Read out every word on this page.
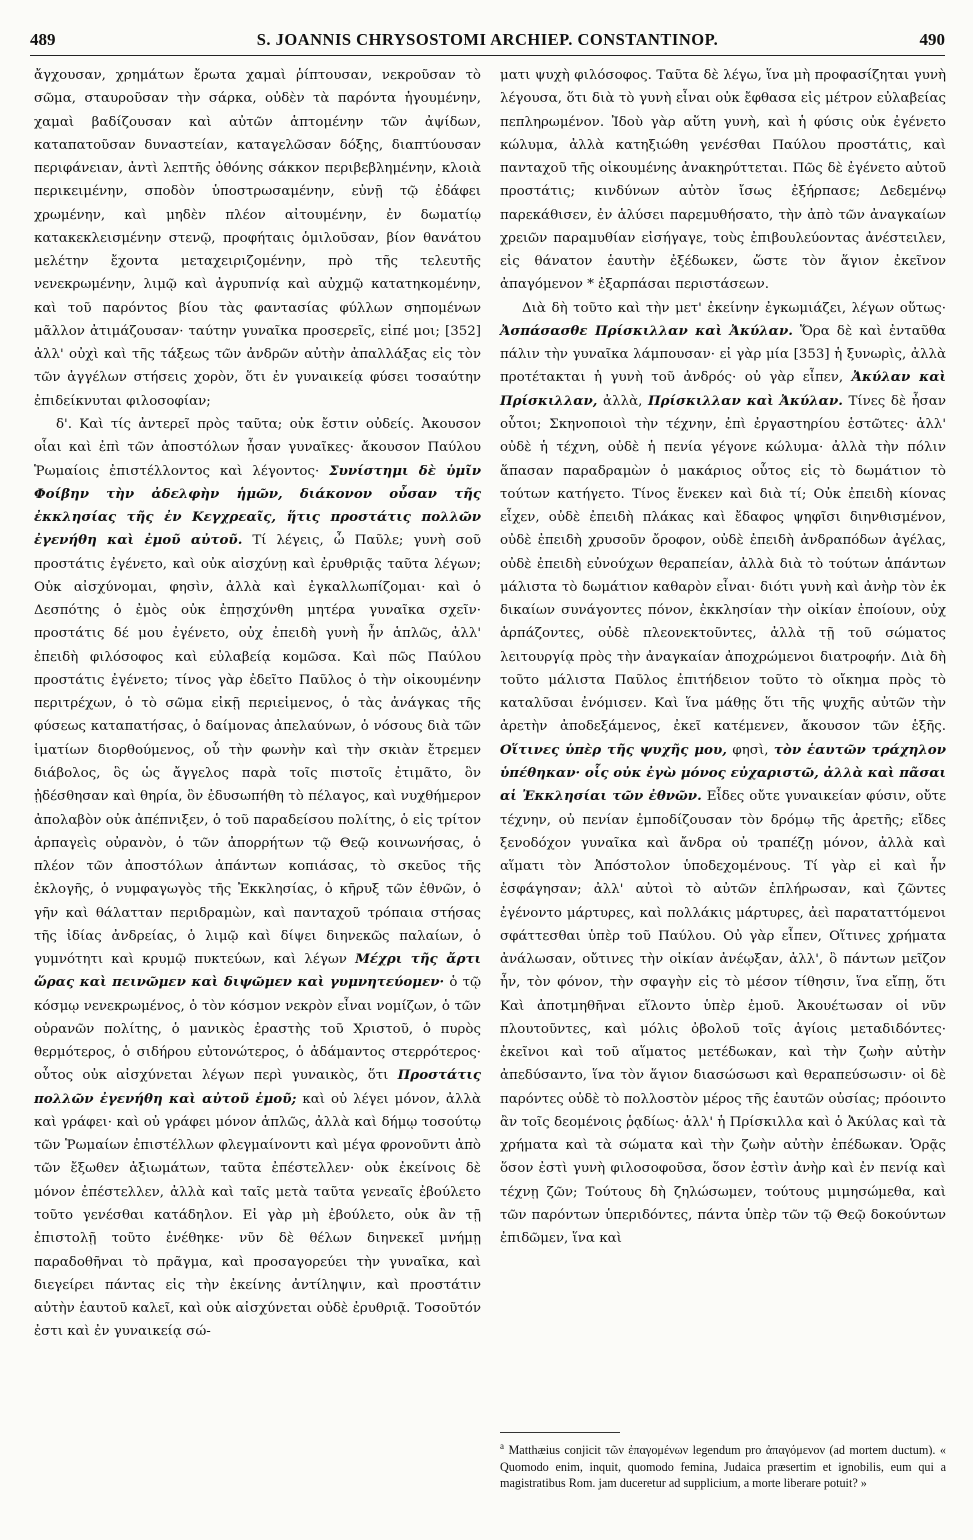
489	S. JOANNIS CHRYSOSTOMI ARCHIEP. CONSTANTINOP.	490

ἄγχουσαν, χρημάτων ἔρωτα χαμαὶ ῥίπτουσαν, νεκροῦσαν τὸ σῶμα, σταυροῦσαν τὴν σάρκα, οὐδὲν τὰ παρόντα ἡγουμένην, χαμαὶ βαδίζουσαν καὶ αὐτῶν ἁπτομένην τῶν ἀψίδων, καταπατοῦσαν δυναστείαν, καταγελῶσαν δόξης, διαπτύουσαν περιφάνειαν, ἀντὶ λεπτῆς ὀθόνης σάκκον περιβεβλημένην, κλοιὰ περικειμένην, σποδὸν ὑποστρωσαμένην, εὐνῇ τῷ ἐδάφει χρωμένην, καὶ μηδὲν πλέον αἰτουμένην, ἐν δωματίῳ κατακεκλεισμένην στενῷ, προφήταις ὁμιλοῦσαν, βίον θανάτου μελέτην ἔχοντα μεταχειριζομένην, πρὸ τῆς τελευτῆς νενεκρωμένην, λιμῷ καὶ ἀγρυπνίᾳ καὶ αὐχμῷ κατατηκομένην, καὶ τοῦ παρόντος βίου τὰς φαντασίας φύλλων σηπομένων μᾶλλον ἀτιμάζουσαν· ταύτην γυναῖκα προσερεῖς, εἰπέ μοι; [352] ἀλλ' οὐχὶ καὶ τῆς τάξεως τῶν ἀνδρῶν αὐτὴν ἀπαλλάξας εἰς τὸν τῶν ἀγγέλων στήσεις χορὸν, ὅτι ἐν γυναικείᾳ φύσει τοσαύτην ἐπιδείκνυται φιλοσοφίαν;

δ'. Καὶ τίς ἀντερεῖ πρὸς ταῦτα; οὐκ ἔστιν οὐδείς. Ἀκουσον οἷαι καὶ ἐπὶ τῶν ἀποστόλων ἦσαν γυναῖκες· ἄκουσον Παύλου Ῥωμαίοις ἐπιστέλλοντος καὶ λέγοντος· Συνίστημι δὲ ὑμῖν Φοίβην τὴν ἀδελφὴν ἡμῶν, διάκονον οὖσαν τῆς ἐκκλησίας τῆς ἐν Κεγχρεαῖς, ἥτις προστάτις πολλῶν ἐγενήθη καὶ ἐμοῦ αὐτοῦ. Τί λέγεις, ὦ Παῦλε; γυνὴ σοῦ προστάτις ἐγένετο, καὶ οὐκ αἰσχύνῃ καὶ ἐρυθριᾷς ταῦτα λέγων; Οὐκ αἰσχύνομαι, φησὶν, ἀλλὰ καὶ ἐγκαλλωπίζομαι· καὶ ὁ Δεσπότης ὁ ἐμὸς οὐκ ἐπῃσχύνθη μητέρα γυναῖκα σχεῖν· προστάτις δέ μου ἐγένετο, οὐχ ἐπειδὴ γυνὴ ἦν ἁπλῶς, ἀλλ' ἐπειδὴ φιλόσοφος καὶ εὐλαβείᾳ κομῶσα. Καὶ πῶς Παύλου προστάτις ἐγένετο; τίνος γὰρ ἐδεῖτο Παῦλος ὁ τὴν οἰκουμένην περιτρέχων, ὁ τὸ σῶμα εἰκῇ περιεἱμενος, ὁ τὰς ἀνάγκας τῆς φύσεως καταπατήσας, ὁ δαίμονας ἀπελαύνων, ὁ νόσους διὰ τῶν ἱματίων διορθούμενος, οὗ τὴν φωνὴν καὶ τὴν σκιὰν ἔτρεμεν διάβολος, ὃς ὡς ἄγγελος παρὰ τοῖς πιστοῖς ἐτιμᾶτο, ὃν ᾐδέσθησαν καὶ θηρία, ὃν ἐδυσωπήθη τὸ πέλαγος, καὶ νυχθήμερον ἀπολαβὸν οὐκ ἀπέπνιξεν, ὁ τοῦ παραδείσου πολίτης, ὁ εἰς τρίτον ἁρπαγεὶς οὐρανὸν, ὁ τῶν ἀπορρήτων τῷ Θεῷ κοινωνήσας, ὁ πλέον τῶν ἀποστόλων ἁπάντων κοπιάσας, τὸ σκεῦος τῆς ἐκλογῆς, ὁ νυμφαγωγὸς τῆς Ἐκκλησίας, ὁ κῆρυξ τῶν ἐθνῶν, ὁ γῆν καὶ θάλατταν περιδραμὼν, καὶ πανταχοῦ τρόπαια στήσας τῆς ἰδίας ἀνδρείας, ὁ λιμῷ καὶ δίψει διηνεκῶς παλαίων, ὁ γυμνότητι καὶ κρυμῷ πυκτεύων, καὶ λέγων Μέχρι τῆς ἄρτι ὥρας καὶ πεινῶμεν καὶ διψῶμεν καὶ γυμνητεύομεν· ὁ τῷ κόσμῳ νενεκρωμένος, ὁ τὸν κόσμον νεκρὸν εἶναι νομίζων, ὁ τῶν οὐρανῶν πολίτης, ὁ μανικὸς ἐραστὴς τοῦ Χριστοῦ, ὁ πυρὸς θερμότερος, ὁ σιδήρου εὐτονώτερος, ὁ ἀδάμαντος στερρότερος· οὗτος οὐκ αἰσχύνεται λέγων περὶ γυναικὸς, ὅτι Προστάτις πολλῶν ἐγενήθη καὶ αὐτοῦ ἐμοῦ; καὶ οὐ λέγει μόνον, ἀλλὰ καὶ γράφει· καὶ οὐ γράφει μόνον ἁπλῶς, ἀλλὰ καὶ δήμῳ τοσούτῳ τῶν Ῥωμαίων ἐπιστέλλων φλεγμαίνοντι καὶ μέγα φρονοῦντι ἀπὸ τῶν ἔξωθεν ἀξιωμάτων, ταῦτα ἐπέστελλεν· οὐκ ἐκείνοις δὲ μόνον ἐπέστελλεν, ἀλλὰ καὶ ταῖς μετὰ ταῦτα γενεαῖς ἐβούλετο τοῦτο γενέσθαι κατάδηλον. Εἰ γὰρ μὴ ἐβούλετο, οὐκ ἂν τῇ ἐπιστολῇ τοῦτο ἐνέθηκε· νῦν δὲ θέλων διηνεκεῖ μνήμῃ παραδοθῆναι τὸ πρᾶγμα, καὶ προσαγορεύει τὴν γυναῖκα, καὶ διεγείρει πάντας εἰς τὴν ἐκείνης ἀντίληψιν, καὶ προστάτιν αὐτὴν ἑαυτοῦ καλεῖ, καὶ οὐκ αἰσχύνεται οὐδὲ ἐρυθριᾷ. Τοσοῦτόν ἐστι καὶ ἐν γυναικείᾳ σώ-

ματι ψυχὴ φιλόσοφος. Ταῦτα δὲ λέγω, ἵνα μὴ προφασίζηται γυνὴ λέγουσα, ὅτι διὰ τὸ γυνὴ εἶναι οὐκ ἔφθασα εἰς μέτρον εὐλαβείας πεπληρωμένον. Ἰδοὺ γὰρ αὕτη γυνὴ, καὶ ἡ φύσις οὐκ ἐγένετο κώλυμα, ἀλλὰ κατηξιώθη γενέσθαι Παύλου προστάτις, καὶ πανταχοῦ τῆς οἰκουμένης ἀνακηρύττεται. Πῶς δὲ ἐγένετο αὐτοῦ προστάτις; κινδύνων αὐτὸν ἴσως ἐξήρπασε; Δεδεμένῳ παρεκάθισεν, ἐν ἁλύσει παρεμυθήσατο, τὴν ἀπὸ τῶν ἀναγκαίων χρειῶν παραμυθίαν εἰσήγαγε, τοὺς ἐπιβουλεύοντας ἀνέστειλεν, εἰς θάνατον ἑαυτὴν ἐξέδωκεν, ὥστε τὸν ἅγιον ἐκεῖνον ἀπαγόμενον * ἐξαρπάσαι περιστάσεων.

Διὰ δὴ τοῦτο καὶ τὴν μετ' ἐκείνην ἐγκωμιάζει, λέγων οὕτως· Ἀσπάσασθε Πρίσκιλλαν καὶ Ἀκύλαν. Ὅρα δὲ καὶ ἐνταῦθα πάλιν τὴν γυναῖκα λάμπουσαν· εἰ γὰρ μία [353] ἡ ξυνωρὶς, ἀλλὰ προτέτακται ἡ γυνὴ τοῦ ἀνδρός· οὐ γὰρ εἶπεν, Ἀκύλαν καὶ Πρίσκιλλαν, ἀλλὰ, Πρίσκιλλαν καὶ Ἀκύλαν. Τίνες δὲ ἦσαν οὗτοι; Σκηνοποιοὶ τὴν τέχνην, ἐπὶ ἐργαστηρίου ἑστῶτες· ἀλλ' οὐδὲ ἡ τέχνη, οὐδὲ ἡ πενία γέγονε κώλυμα· ἀλλὰ τὴν πόλιν ἅπασαν παραδραμὼν ὁ μακάριος οὗτος εἰς τὸ δωμάτιον τὸ τούτων κατήγετο. Τίνος ἕνεκεν καὶ διὰ τί; Οὐκ ἐπειδὴ κίονας εἶχεν, οὐδὲ ἐπειδὴ πλάκας καὶ ἔδαφος ψηφῖσι διηνθισμένον, οὐδὲ ἐπειδὴ χρυσοῦν ὄροφον, οὐδὲ ἐπειδὴ ἀνδραπόδων ἀγέλας, οὐδὲ ἐπειδὴ εὐνούχων θεραπείαν, ἀλλὰ διὰ τὸ τούτων ἁπάντων μάλιστα τὸ δωμάτιον καθαρὸν εἶναι· διότι γυνὴ καὶ ἀνὴρ τὸν ἐκ δικαίων συνάγοντες πόνον, ἐκκλησίαν τὴν οἰκίαν ἐποίουν, οὐχ ἁρπάζοντες, οὐδὲ πλεονεκτοῦντες, ἀλλὰ τῇ τοῦ σώματος λειτουργίᾳ πρὸς τὴν ἀναγκαίαν ἀποχρώμενοι διατροφήν. Διὰ δὴ τοῦτο μάλιστα Παῦλος ἐπιτήδειον τοῦτο τὸ οἴκημα πρὸς τὸ καταλῦσαι ἐνόμισεν. Καὶ ἵνα μάθῃς ὅτι τῆς ψυχῆς αὐτῶν τὴν ἀρετὴν ἀποδεξάμενος, ἐκεῖ κατέμενεν, ἄκουσον τῶν ἑξῆς. Οἵτινες ὑπὲρ τῆς ψυχῆς μου, φησὶ, τὸν ἑαυτῶν τράχηλον ὑπέθηκαν· οἷς οὐκ ἐγὼ μόνος εὐχαριστῶ, ἀλλὰ καὶ πᾶσαι αἱ Ἐκκλησίαι τῶν ἐθνῶν. Εἶδες οὔτε γυναικείαν φύσιν, οὔτε τέχνην, οὐ πενίαν ἐμποδίζουσαν τὸν δρόμῳ τῆς ἀρετῆς; εἴδες ξενοδόχον γυναῖκα καὶ ἄνδρα οὐ τραπέζῃ μόνον, ἀλλὰ καὶ αἵματι τὸν Ἀπόστολον ὑποδεχομένους. Τί γὰρ εἰ καὶ ἦν ἐσφάγησαν; ἀλλ' αὐτοὶ τὸ αὐτῶν ἐπλήρωσαν, καὶ ζῶντες ἐγένοντο μάρτυρες, καὶ πολλάκις μάρτυρες, ἀεὶ παραταττόμενοι σφάττεσθαι ὑπὲρ τοῦ Παύλου. Οὐ γὰρ εἶπεν, Οἵτινες χρήματα ἀνάλωσαν, οὔτινες τὴν οἰκίαν ἀνέῳξαν, ἀλλ', ὃ πάντων μεῖζον ἦν, τὸν φόνον, τὴν σφαγὴν εἰς τὸ μέσον τίθησιν, ἵνα εἴπῃ, ὅτι Καὶ ἀποτμηθῆναι εἵλοντο ὑπὲρ ἐμοῦ. Ἀκουέτωσαν οἱ νῦν πλουτοῦντες, καὶ μόλις ὀβολοῦ τοῖς ἁγίοις μεταδιδόντες· ἐκεῖνοι καὶ τοῦ αἵματος μετέδωκαν, καὶ τὴν ζωὴν αὐτὴν ἀπεδύσαντο, ἵνα τὸν ἅγιον διασώσωσι καὶ θεραπεύσωσιν· οἱ δὲ παρόντες οὐδὲ τὸ πολλοστὸν μέρος τῆς ἑαυτῶν οὐσίας; πρόοιντο ἂν τοῖς δεομένοις ῥᾳδίως· ἀλλ' ἡ Πρίσκιλλα καὶ ὁ Ἀκύλας καὶ τὰ χρήματα καὶ τὰ σώματα καὶ τὴν ζωὴν αὐτὴν ἐπέδωκαν. Ὁρᾷς ὅσον ἐστὶ γυνὴ φιλοσοφοῦσα, ὅσον ἐστὶν ἀνὴρ καὶ ἐν πενίᾳ καὶ τέχνῃ ζῶν; Τούτους δὴ ζηλώσωμεν, τούτους μιμησώμεθα, καὶ τῶν παρόντων ὑπεριδόντες, πάντα ὑπὲρ τῶν τῷ Θεῷ δοκούντων ἐπιδῶμεν, ἵνα καὶ

$^a$ Matthæius conjicit τῶν ἐπαγομένων legendum pro ἀπαγόμενον (ad mortem ductum). « Quomodo enim, inquit, quomodo femina, Judaica præsertim et ignobilis, eum qui a magistratibus Rom. jam duceretur ad supplicium, a morte liberare potuit? »
